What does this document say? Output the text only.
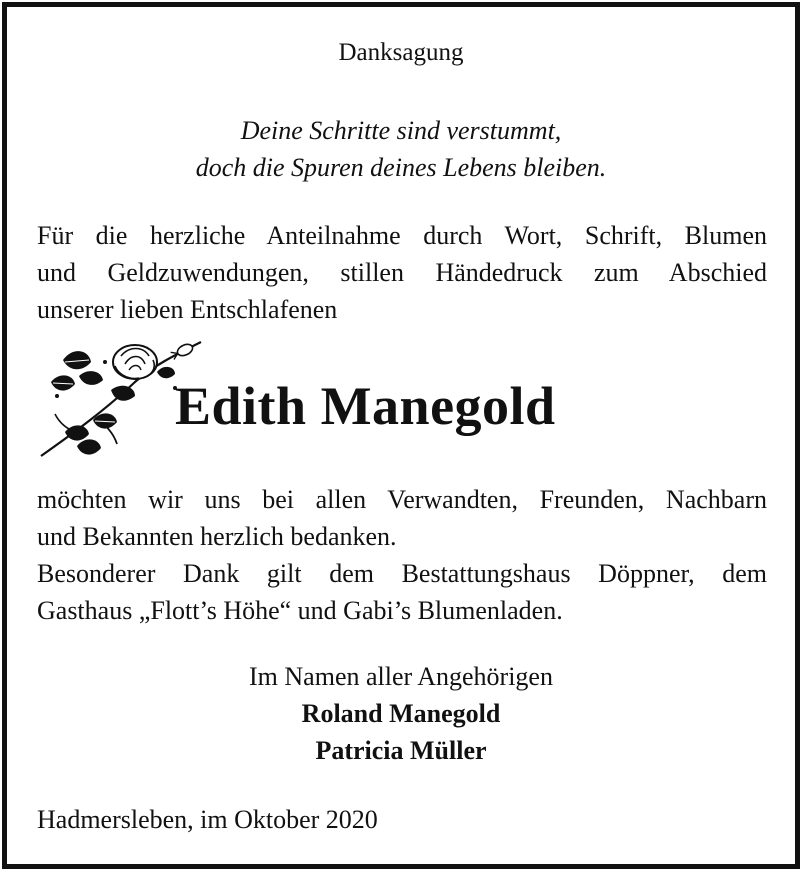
Danksagung
Deine Schritte sind verstummt,
doch die Spuren deines Lebens bleiben.
Für die herzliche Anteilnahme durch Wort, Schrift, Blumen
und Geldzuwendungen, stillen Händedruck zum Abschied
unserer lieben Entschlafenen
Edith Manegold
möchten wir uns bei allen Verwandten, Freunden, Nachbarn
und Bekannten herzlich bedanken.
Besonderer Dank gilt dem Bestattungshaus Döppner, dem
Gasthaus „Flott’s Höhe“ und Gabi’s Blumenladen.
Im Namen aller Angehörigen
Roland Manegold
Patricia Müller
Hadmersleben, im Oktober 2020
